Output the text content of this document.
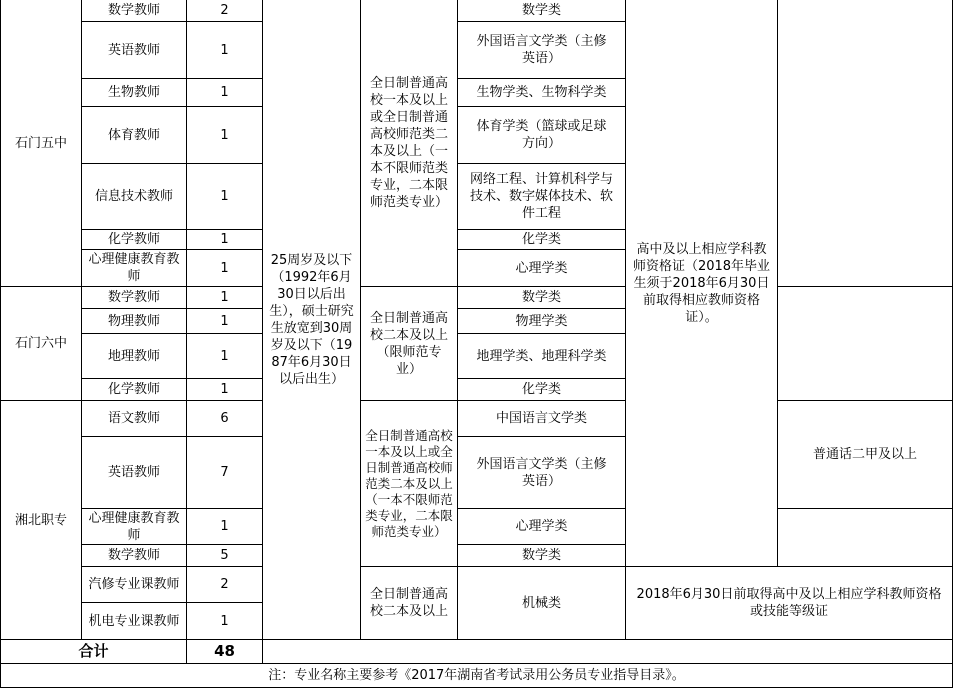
石门五中
石门六中
湘北职专
数学教师
英语教师
生物教师
体育教师
信息技术教师
化学教师
心理健康教育教师
数学教师
物理教师
地理教师
化学教师
语文教师
英语教师
心理健康教育教师
数学教师
汽修专业课教师
机电专业课教师
2
1
1
1
1
1
1
1
1
1
1
6
7
1
5
2
1
25周岁及以下（1992年6月30日以后出生），硕士研究生放宽到30周岁及以下（1987年6月30日以后出生）
全日制普通高校一本及以上或全日制普通高校师范类二本及以上（一本不限师范类专业，二本限师范类专业）
全日制普通高校二本及以上（限师范专业）
全日制普通高校一本及以上或全日制普通高校师范类二本及以上（一本不限师范类专业，二本限师范类专业）
全日制普通高校二本及以上
数学类
外国语言文学类（主修英语）
生物学类、生物科学类
体育学类（篮球或足球方向）
网络工程、计算机科学与技术、数字媒体技术、软件工程
化学类
心理学类
数学类
物理学类
地理学类、地理科学类
化学类
中国语言文学类
外国语言文学类（主修英语）
心理学类
数学类
机械类
高中及以上相应学科教师资格证（2018年毕业生须于2018年6月30日前取得相应教师资格证）。
2018年6月30日前取得高中及以上相应学科教师资格或技能等级证
普通话二甲及以上
合计	48
注：专业名称主要参考《2017年湖南省考试录用公务员专业指导目录》。
